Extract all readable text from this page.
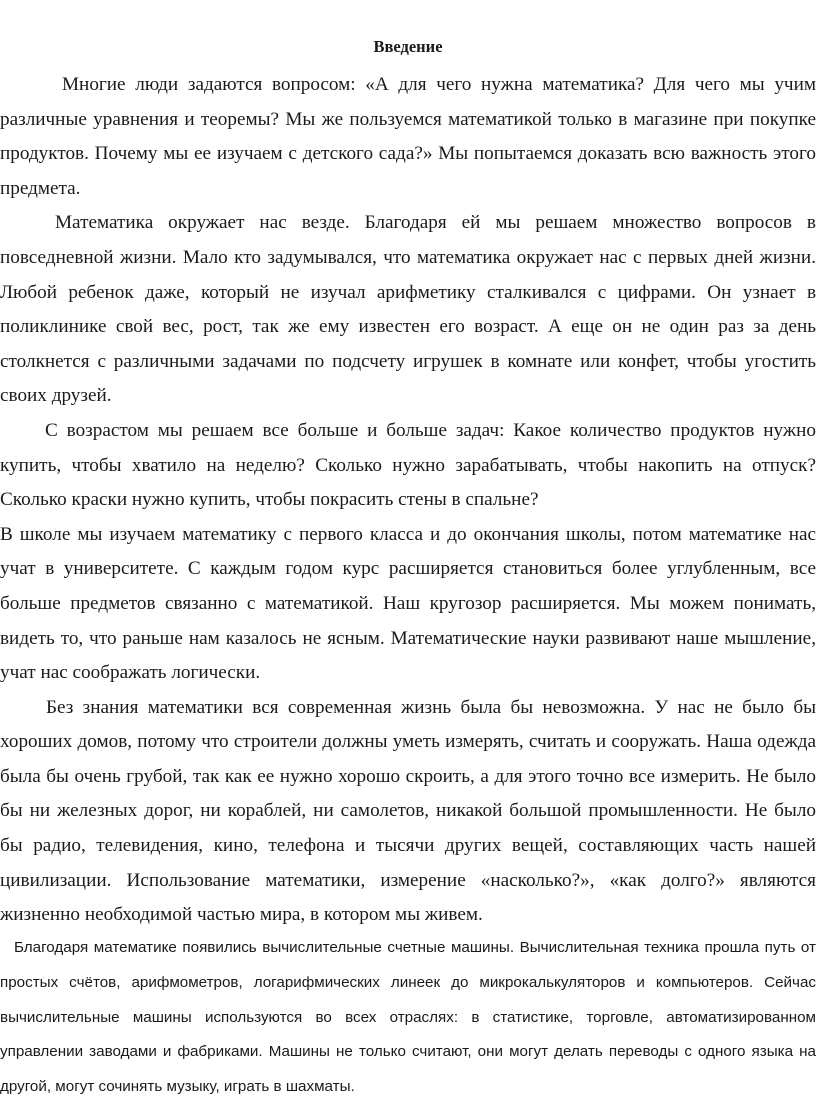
Введение

Многие люди задаются вопросом: «А для чего нужна математика? Для чего мы учим различные уравнения и теоремы? Мы же пользуемся математикой только в магазине при покупке продуктов. Почему мы ее изучаем с детского сада?» Мы попытаемся доказать всю важность этого предмета.

Математика окружает нас везде. Благодаря ей мы решаем множество вопросов в повседневной жизни. Мало кто задумывался, что математика окружает нас с первых дней жизни. Любой ребенок даже, который не изучал арифметику сталкивался с цифрами. Он узнает в поликлинике свой вес, рост, так же ему известен его возраст. А еще он не один раз за день столкнется с различными задачами по подсчету игрушек в комнате или конфет, чтобы угостить своих друзей.

С возрастом мы решаем все больше и больше задач: Какое количество продуктов нужно купить, чтобы хватило на неделю? Сколько нужно зарабатывать, чтобы накопить на отпуск? Сколько краски нужно купить, чтобы покрасить стены в спальне?

В школе мы изучаем математику с первого класса и до окончания школы, потом математике нас учат в университете. С каждым годом курс расширяется становиться более углубленным, все больше предметов связанно с математикой. Наш кругозор расширяется. Мы можем понимать, видеть то, что раньше нам казалось не ясным. Математические науки развивают наше мышление, учат нас соображать логически.

Без знания математики вся современная жизнь была бы невозможна. У нас не было бы хороших домов, потому что строители должны уметь измерять, считать и сооружать. Наша одежда была бы очень грубой, так как ее нужно хорошо скроить, а для этого точно все измерить. Не было бы ни железных дорог, ни кораблей, ни самолетов, никакой большой промышленности. Не было бы радио, телевидения, кино, телефона и тысячи других вещей, составляющих часть нашей цивилизации. Использование математики, измерение «насколько?», «как долго?» являются жизненно необходимой частью мира, в котором мы живем.

Благодаря математике появились вычислительные счетные машины. Вычислительная техника прошла путь от простых счётов, арифмометров, логарифмических линеек до микрокалькуляторов и компьютеров. Сейчас вычислительные машины используются во всех отраслях: в статистике, торговле, автоматизированном управлении заводами и фабриками. Машины не только считают, они могут делать переводы с одного языка на другой, могут сочинять музыку, играть в шахматы.
